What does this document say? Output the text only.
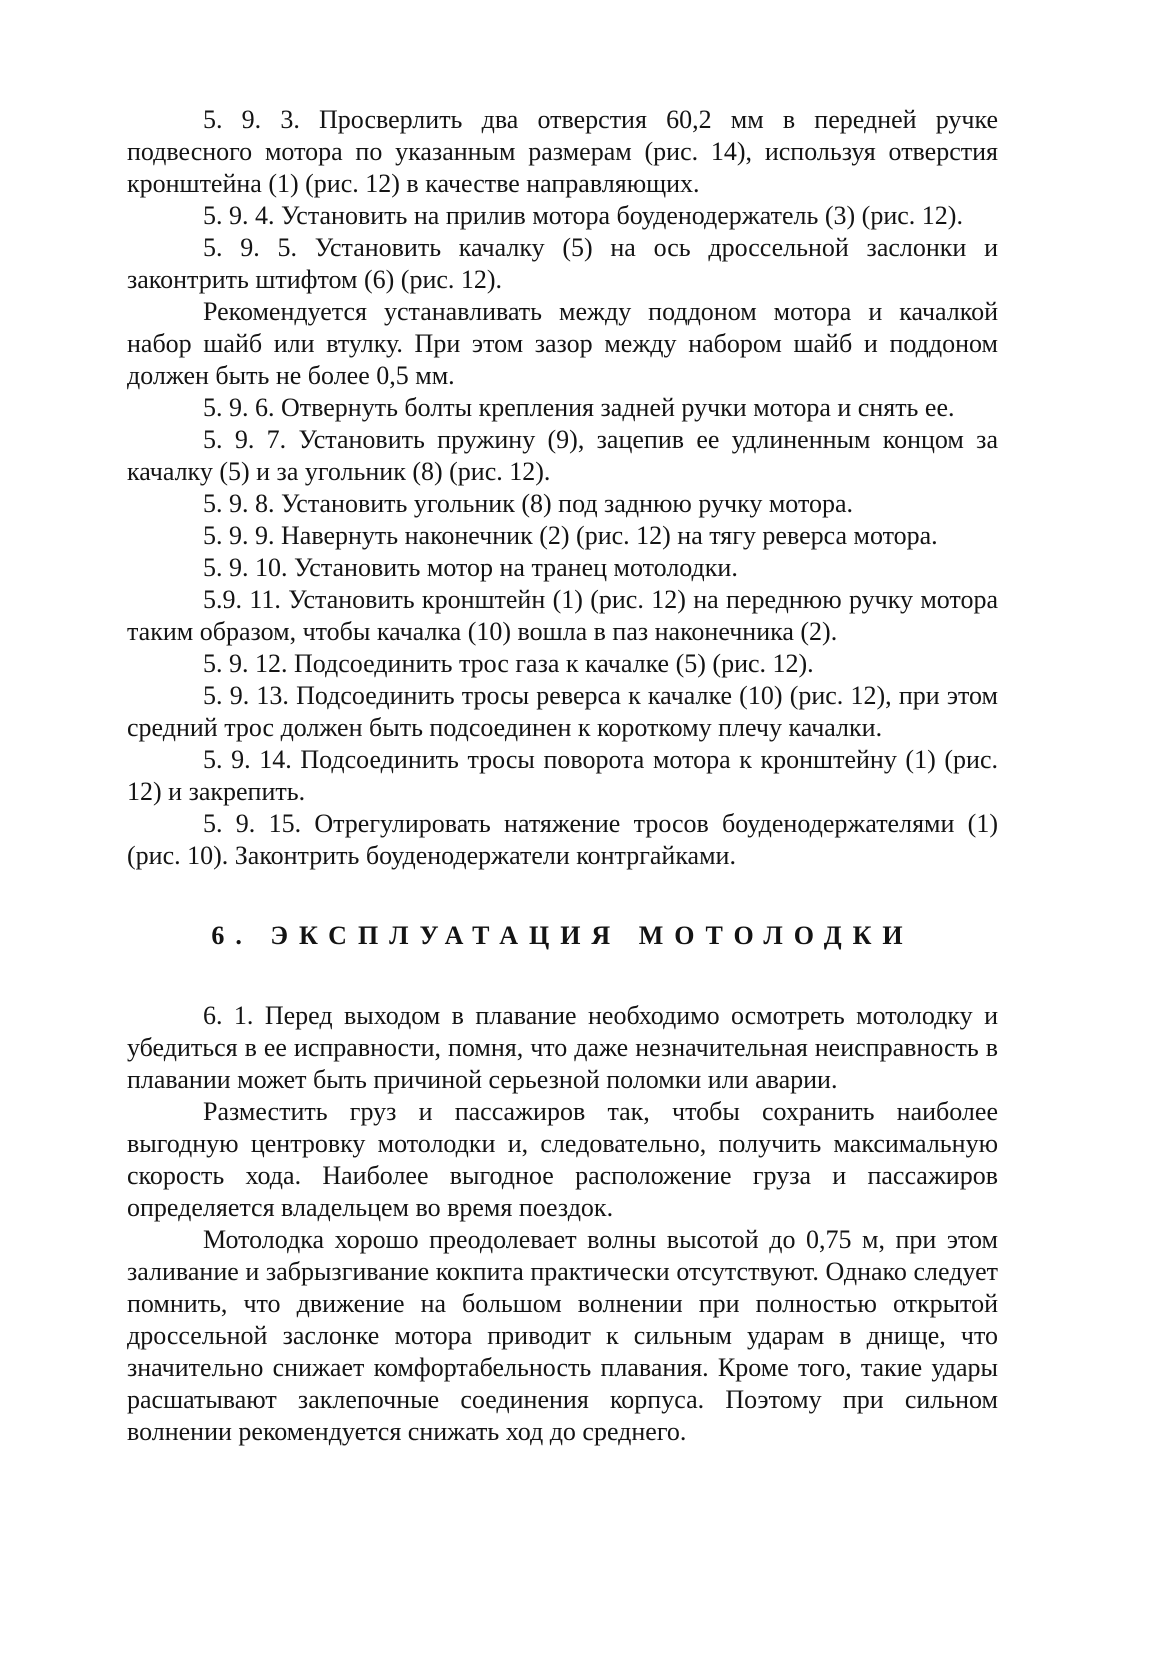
5. 9. 3. Просверлить два отверстия 60,2 мм в передней ручке подвесного мотора по указанным размерам (рис. 14), используя отверстия кронштейна (1) (рис. 12) в качестве направляющих.

5. 9. 4. Установить на прилив мотора боуденодержатель (3) (рис. 12).

5. 9. 5. Установить качалку (5) на ось дроссельной заслонки и законтрить штифтом (6) (рис. 12).

Рекомендуется устанавливать между поддоном мотора и качалкой набор шайб или втулку. При этом зазор между набором шайб и поддоном должен быть не более 0,5 мм.

5. 9. 6. Отвернуть болты крепления задней ручки мотора и снять ее.

5. 9. 7. Установить пружину (9), зацепив ее удлиненным концом за качалку (5) и за угольник (8) (рис. 12).

5. 9. 8. Установить угольник (8) под заднюю ручку мотора.

5. 9. 9. Навернуть наконечник (2) (рис. 12) на тягу реверса мотора.

5. 9. 10. Установить мотор на транец мотолодки.

5.9. 11. Установить кронштейн (1) (рис. 12) на переднюю ручку мотора таким образом, чтобы качалка (10) вошла в паз наконечника (2).

5. 9. 12. Подсоединить трос газа к качалке (5) (рис. 12).

5. 9. 13. Подсоединить тросы реверса к качалке (10) (рис. 12), при этом средний трос должен быть подсоединен к короткому плечу качалки.

5. 9. 14. Подсоединить тросы поворота мотора к кронштейну (1) (рис. 12) и закрепить.

5. 9. 15. Отрегулировать натяжение тросов боуденодержателями (1) (рис. 10). Законтрить боуденодержатели контргайками.

6. ЭКСПЛУАТАЦИЯ МОТОЛОДКИ

6. 1. Перед выходом в плавание необходимо осмотреть мотолодку и убедиться в ее исправности, помня, что даже незначительная неисправность в плавании может быть причиной серьезной поломки или аварии.

Разместить груз и пассажиров так, чтобы сохранить наиболее выгодную центровку мотолодки и, следовательно, получить максимальную скорость хода. Наиболее выгодное расположение груза и пассажиров определяется владельцем во время поездок.

Мотолодка хорошо преодолевает волны высотой до 0,75 м, при этом заливание и забрызгивание кокпита практически отсутствуют. Однако следует помнить, что движение на большом волнении при полностью открытой дроссельной заслонке мотора приводит к сильным ударам в днище, что значительно снижает комфортабельность плавания. Кроме того, такие удары расшатывают заклепочные соединения корпуса. Поэтому при сильном волнении рекомендуется снижать ход до среднего.
